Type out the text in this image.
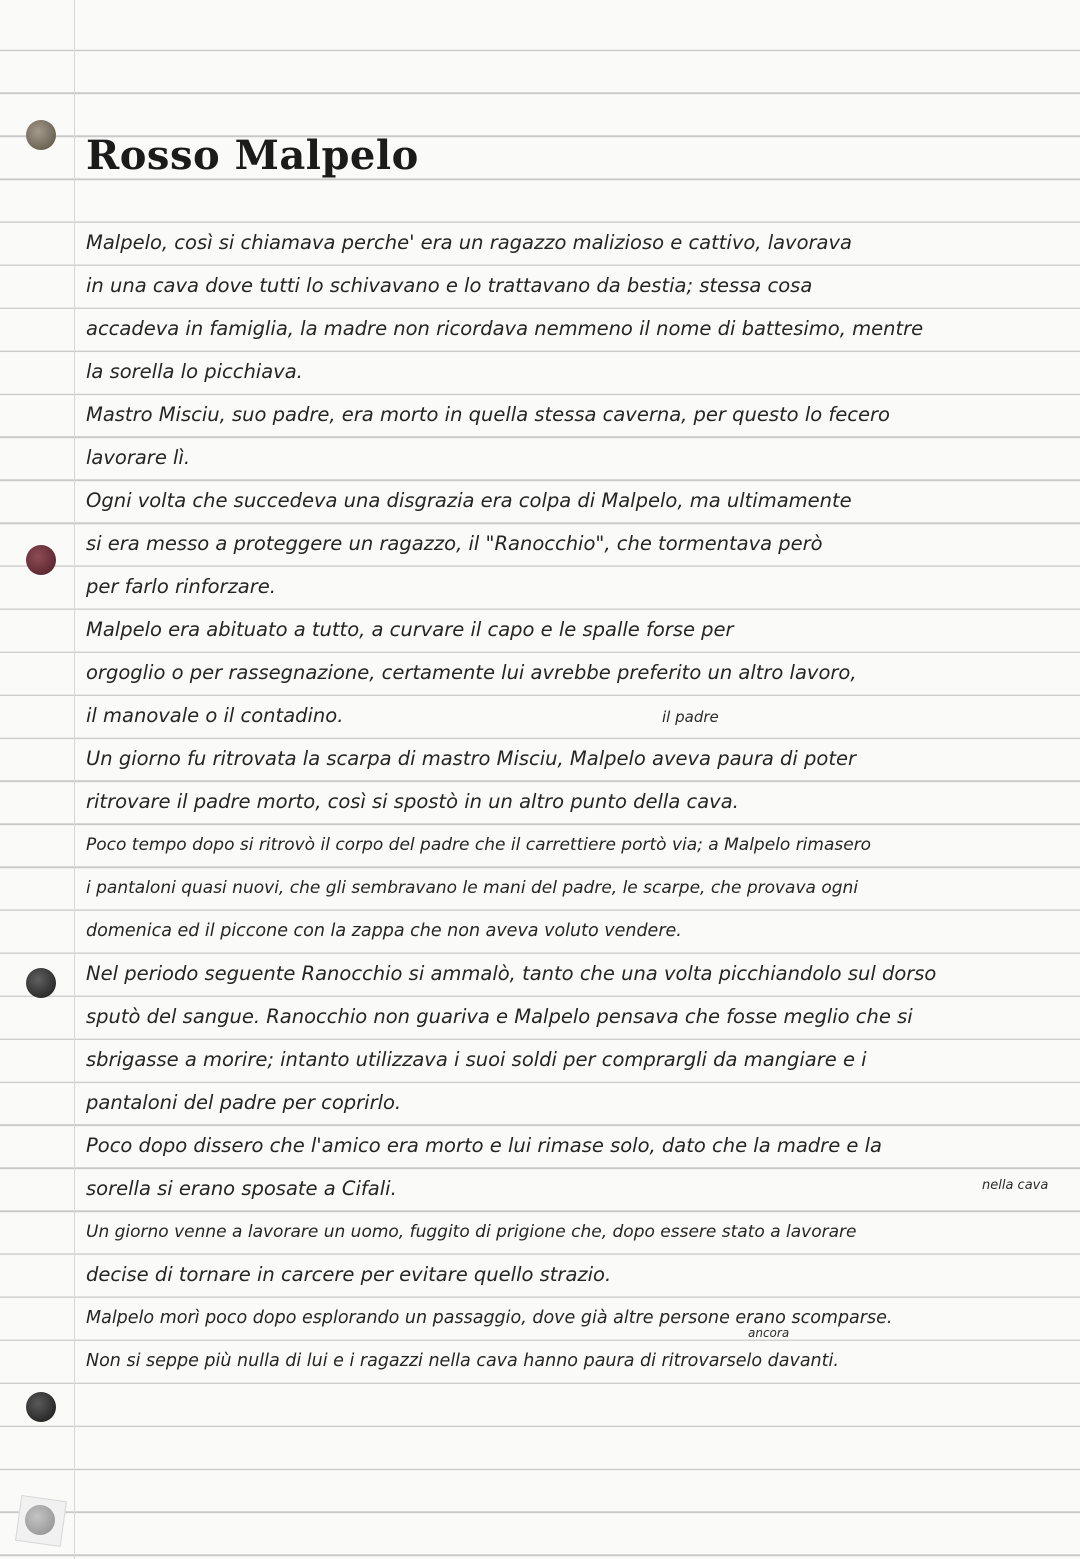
Rosso Malpelo
Malpelo, così si chiamava perche' era un ragazzo malizioso e cattivo, lavorava
in una cava dove tutti lo schivavano e lo trattavano da bestia; stessa cosa
accadeva in famiglia, la madre non ricordava nemmeno il nome di battesimo, mentre
la sorella lo picchiava.
Mastro Misciu, suo padre, era morto in quella stessa caverna, per questo lo fecero
lavorare lì.
Ogni volta che succedeva una disgrazia era colpa di Malpelo, ma ultimamente
si era messo a proteggere un ragazzo, il "Ranocchio", che tormentava però
per farlo rinforzare.
Malpelo era abituato a tutto, a curvare il capo e le spalle forse per
orgoglio o per rassegnazione, certamente lui avrebbe preferito un altro lavoro,
il manovale o il contadino.
Un giorno fu ritrovata la scarpa di mastro Misciu, Malpelo aveva paura di poter
ritrovare il padre morto, così si spostò in un altro punto della cava.
Poco tempo dopo si ritrovò il corpo del padre che il carrettiere portò via; a Malpelo rimasero
i pantaloni quasi nuovi, che gli sembravano le mani del padre, le scarpe, che provava ogni
domenica ed il piccone con la zappa che non aveva voluto vendere.
Nel periodo seguente Ranocchio si ammalò, tanto che una volta picchiandolo sul dorso
sputò del sangue. Ranocchio non guariva e Malpelo pensava che fosse meglio che si
sbrigasse a morire; intanto utilizzava i suoi soldi per comprargli da mangiare e i
pantaloni del padre per coprirlo.
Poco dopo dissero che l'amico era morto e lui rimase solo, dato che la madre e la
sorella si erano sposate a Cifali.
Un giorno venne a lavorare un uomo, fuggito di prigione che, dopo essere stato a lavorare
decise di tornare in carcere per evitare quello strazio.
Malpelo morì poco dopo esplorando un passaggio, dove già altre persone erano scomparse.
Non si seppe più nulla di lui e i ragazzi nella cava hanno paura di ritrovarselo davanti.
il padre
nella cava
ancora
